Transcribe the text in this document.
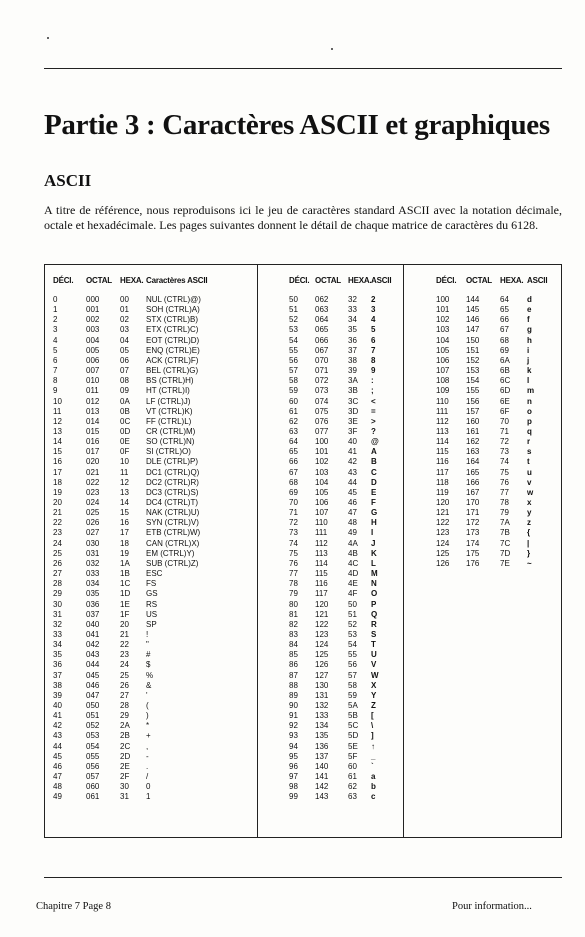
Partie 3 : Caractères ASCII et graphiques
ASCII

A titre de référence, nous reproduisons ici le jeu de caractères standard ASCII avec la notation décimale, octale et hexadécimale. Les pages suivantes donnent le détail de chaque matrice de caractères du 6128.

DÉCI. OCTAL HEXA. Caractères ASCII
0	000	00 NUL (CTRL)@)
1	001	01 SOH (CTRL)A)
2	002	02 STX (CTRL)B)
3	003	03 ETX (CTRL)C)
4	004	04 EOT (CTRL)D)
5	005	05 ENQ (CTRL)E)
6	006	06 ACK (CTRL)F)
7	007	07 BEL (CTRL)G)
8	010	08 BS (CTRL)H)
9	011	09 HT (CTRL)I)
10	012	0A LF (CTRL)J)
11	013	0B VT (CTRL)K)
12	014	0C FF (CTRL)L)
13	015	0D CR (CTRL)M)
14	016	0E SO (CTRL)N)
15	017	0F SI (CTRL)O)
16	020	10 DLE (CTRL)P)
17	021	11 DC1 (CTRL)Q)
18	022	12 DC2 (CTRL)R)
19	023	13 DC3 (CTRL)S)
20	024	14 DC4 (CTRL)T)
21	025	15 NAK (CTRL)U)
22	026	16 SYN (CTRL)V)
23	027	17 ETB (CTRL)W)
24	030	18 CAN (CTRL)X)
25	031	19 EM (CTRL)Y)
26	032	1A SUB (CTRL)Z)
27	033	1B ESC
28	034	1C FS
29	035	1D GS
30	036	1E RS
31	037	1F US
32	040	20 SP
33	041	21 !
34	042	22 "
35	043	23 #
36	044	24 $
37	045	25 %
38	046	26 &
39	047	27 '
40	050	28 (
41	051	29 )
42	052	2A *
43	053	2B +
44	054	2C ,
45	055	2D -
46	056	2E .
47	057	2F /
48	060	30 0
49	061	31 1
DÉCI. OCTAL HEXA. ASCII
50 062 32 2
51 063 33 3
52 064 34 4
53 065 35 5
54 066 36 6
55 067 37 7
56 070 38 8
57 071 39 9
58 072 3A :
59 073 3B ;
60 074 3C <
61 075 3D =
62 076 3E >
63 077 3F ?
64 100 40 @
65 101 41 A
66 102 42 B
67 103 43 C
68 104 44 D
69 105 45 E
70 106 46 F
71 107 47 G
72 110	48 H
73 111	49 I
74 112	4A J
75 113	4B K
76 114	4C L
77 115	4D M
78 116	4E N
79 117	4F O
80 120 50 P
81 121 51 Q
82 122 52 R
83 123 53 S
84 124 54 T
85 125 55 U
86 126 56 V
87 127 57 W
88 130 58 X
89 131 59 Y
90 132 5A Z
91 133 5B [
92 134 5C \
93 135 5D ]
94 136 5E ↑
95 137 5F _
96 140 60 `
97 141 61 a
98 142 62 b
99 143 63 c
DÉCI. OCTAL HEXA. ASCII
100 144	64 d
101 145	65 e
102 146	66 f
103 147	67 g
104 150	68 h
105 151	69 i
106 152	6A j
107 153	6B k
108 154	6C l
109 155	6D m
110 156	6E n
111 157	6F o
112 160	70 p
113 161	71 q
114 162	72 r
115 163	73 s
116 164	74 t
117 165	75 u
118 166	76 v
119 167	77 w
120 170	78 x
121 171	79 y
122 172	7A z
123 173	7B {
124 174	7C |
125 175	7D }
126 176	7E ~
Chapitre 7 Page 8	Pour information...
